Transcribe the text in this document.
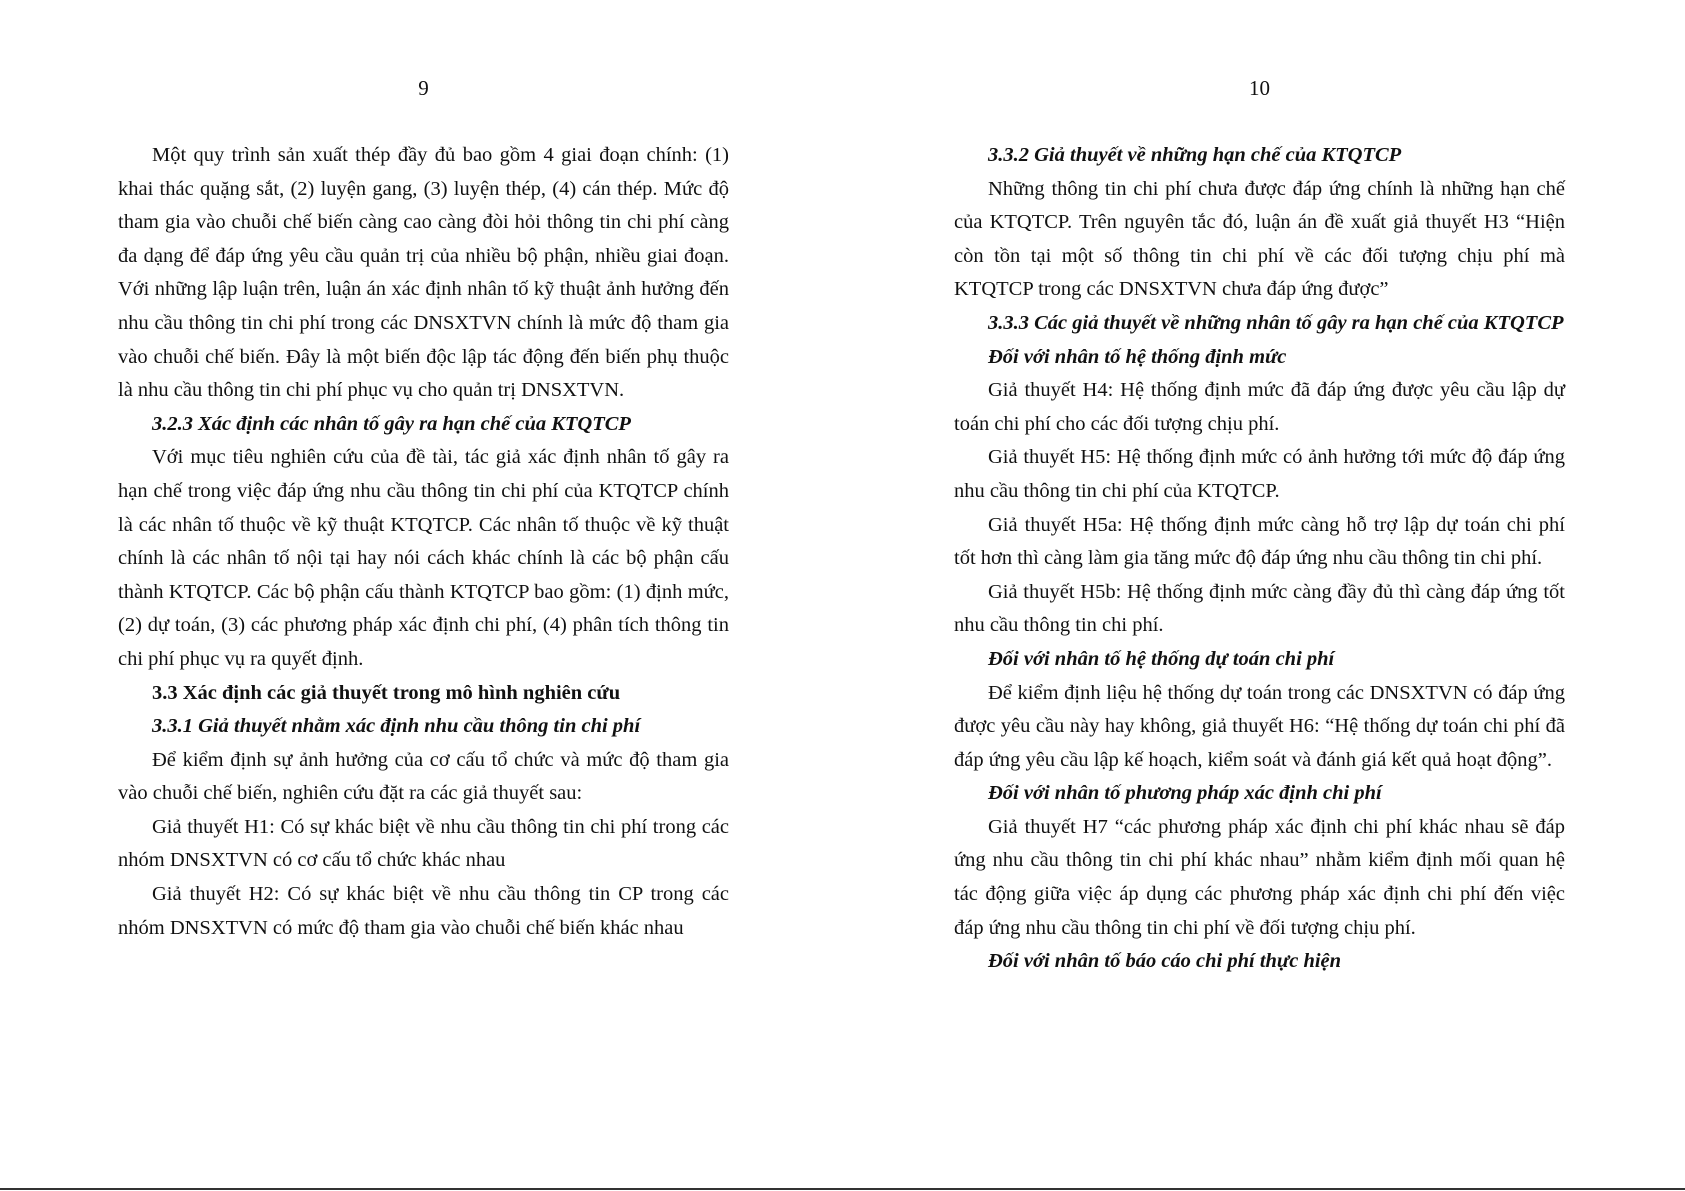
9

Một quy trình sản xuất thép đầy đủ bao gồm 4 giai đoạn chính: (1) khai thác quặng sắt, (2) luyện gang, (3) luyện thép, (4) cán thép. Mức độ tham gia vào chuỗi chế biến càng cao càng đòi hỏi thông tin chi phí càng đa dạng để đáp ứng yêu cầu quản trị của nhiều bộ phận, nhiều giai đoạn. Với những lập luận trên, luận án xác định nhân tố kỹ thuật ảnh hưởng đến nhu cầu thông tin chi phí trong các DNSXTVN chính là mức độ tham gia vào chuỗi chế biến. Đây là một biến độc lập tác động đến biến phụ thuộc là nhu cầu thông tin chi phí phục vụ cho quản trị DNSXTVN.

3.2.3 Xác định các nhân tố gây ra hạn chế của KTQTCP

Với mục tiêu nghiên cứu của đề tài, tác giả xác định nhân tố gây ra hạn chế trong việc đáp ứng nhu cầu thông tin chi phí của KTQTCP chính là các nhân tố thuộc về kỹ thuật KTQTCP. Các nhân tố thuộc về kỹ thuật chính là các nhân tố nội tại hay nói cách khác chính là các bộ phận cấu thành KTQTCP. Các bộ phận cấu thành KTQTCP bao gồm: (1) định mức, (2) dự toán, (3) các phương pháp xác định chi phí, (4) phân tích thông tin chi phí phục vụ ra quyết định.

3.3 Xác định các giả thuyết trong mô hình nghiên cứu

3.3.1 Giả thuyết nhằm xác định nhu cầu thông tin chi phí

Để kiểm định sự ảnh hưởng của cơ cấu tổ chức và mức độ tham gia vào chuỗi chế biến, nghiên cứu đặt ra các giả thuyết sau:

Giả thuyết H1: Có sự khác biệt về nhu cầu thông tin chi phí trong các nhóm DNSXTVN có cơ cấu tổ chức khác nhau

Giả thuyết H2: Có sự khác biệt về nhu cầu thông tin CP trong các nhóm DNSXTVN có mức độ tham gia vào chuỗi chế biến khác nhau

10

3.3.2 Giả thuyết về những hạn chế của KTQTCP

Những thông tin chi phí chưa được đáp ứng chính là những hạn chế của KTQTCP. Trên nguyên tắc đó, luận án đề xuất giả thuyết H3 “Hiện còn tồn tại một số thông tin chi phí về các đối tượng chịu phí mà KTQTCP trong các DNSXTVN chưa đáp ứng được”

3.3.3 Các giả thuyết về những nhân tố gây ra hạn chế của KTQTCP

Đối với nhân tố hệ thống định mức

Giả thuyết H4: Hệ thống định mức đã đáp ứng được yêu cầu lập dự toán chi phí cho các đối tượng chịu phí.

Giả thuyết H5: Hệ thống định mức có ảnh hưởng tới mức độ đáp ứng nhu cầu thông tin chi phí của KTQTCP.

Giả thuyết H5a: Hệ thống định mức càng hỗ trợ lập dự toán chi phí tốt hơn thì càng làm gia tăng mức độ đáp ứng nhu cầu thông tin chi phí.

Giả thuyết H5b: Hệ thống định mức càng đầy đủ thì càng đáp ứng tốt nhu cầu thông tin chi phí.

Đối với nhân tố hệ thống dự toán chi phí

Để kiểm định liệu hệ thống dự toán trong các DNSXTVN có đáp ứng được yêu cầu này hay không, giả thuyết H6: “Hệ thống dự toán chi phí đã đáp ứng yêu cầu lập kế hoạch, kiểm soát và đánh giá kết quả hoạt động”.

Đối với nhân tố phương pháp xác định chi phí

Giả thuyết H7 “các phương pháp xác định chi phí khác nhau sẽ đáp ứng nhu cầu thông tin chi phí khác nhau” nhằm kiểm định mối quan hệ tác động giữa việc áp dụng các phương pháp xác định chi phí đến việc đáp ứng nhu cầu thông tin chi phí về đối tượng chịu phí.

Đối với nhân tố báo cáo chi phí thực hiện
